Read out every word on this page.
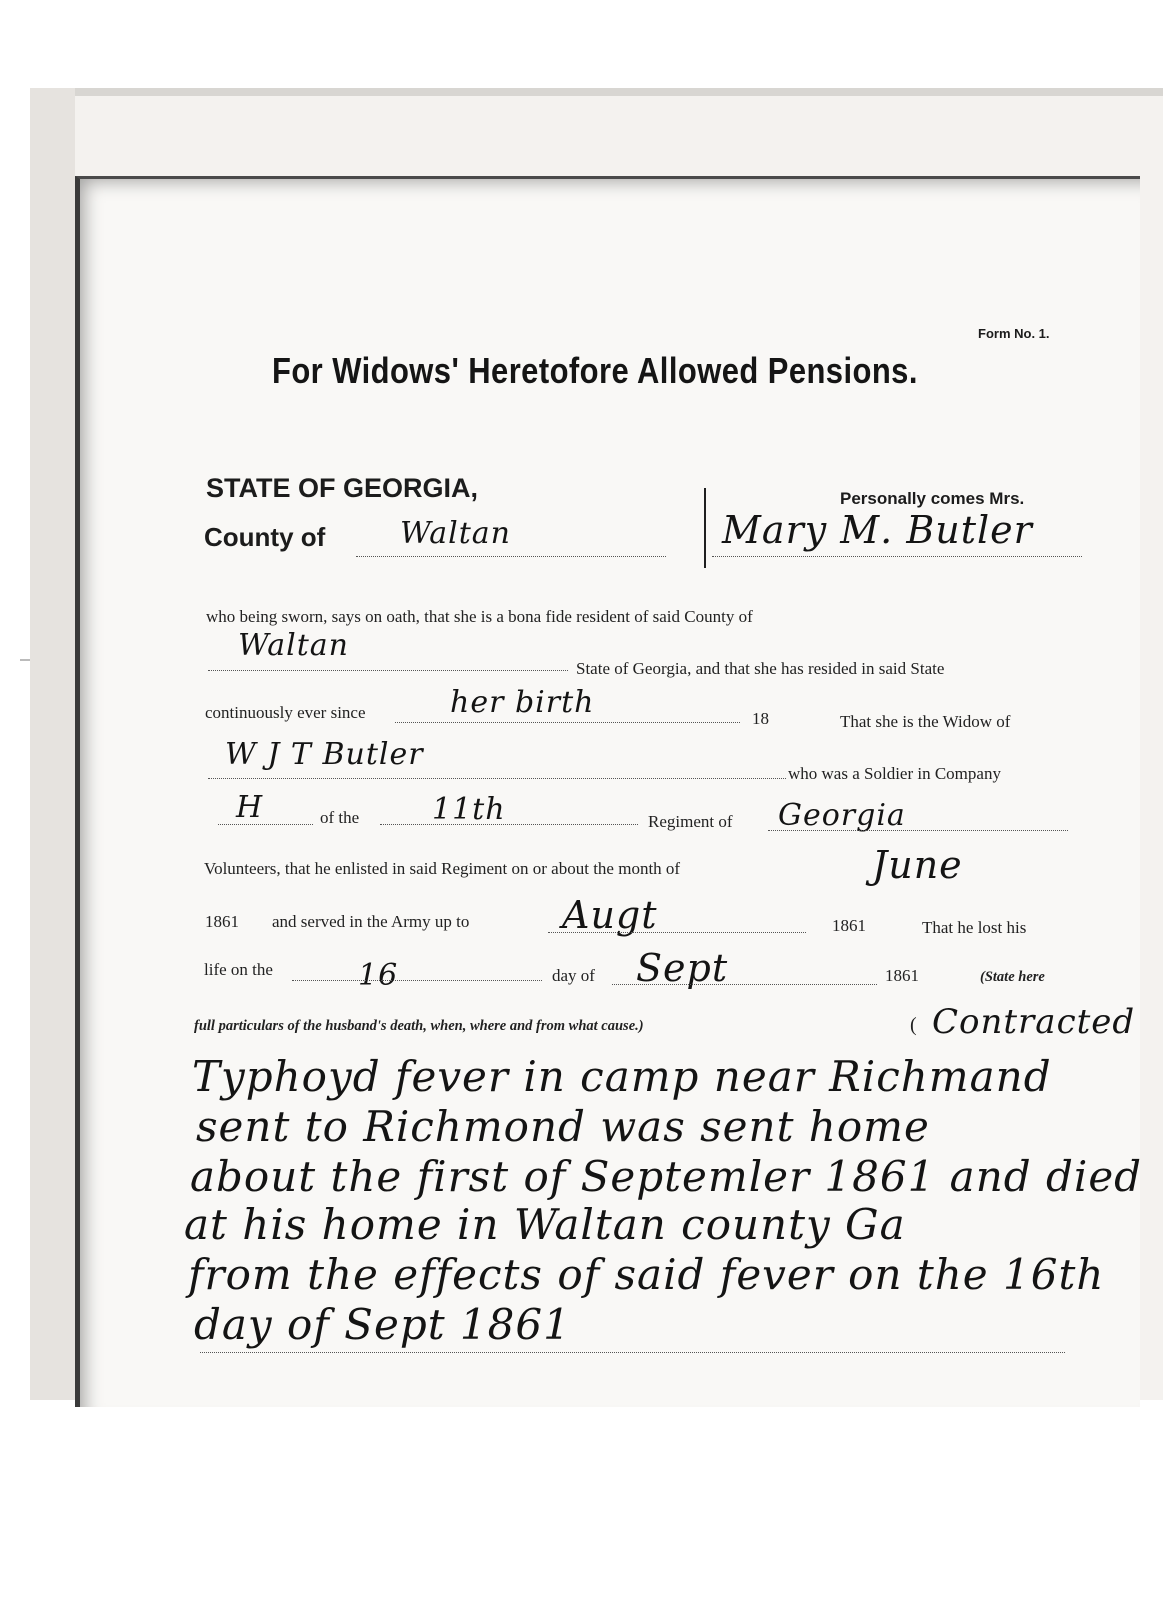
Form No. 1.
For Widows' Heretofore Allowed Pensions.
STATE OF GEORGIA,
County of Waltan
Personally comes Mrs.
Mary M. Butler
who being sworn, says on oath, that she is a bona fide resident of said County of
Waltan
State of Georgia, and that she has resided in said State
continuously ever since	her birth	18	That she is the Widow of
W J T Butler
who was a Soldier in Company
H	of the 11th	Regiment of Georgia
Volunteers, that he enlisted in said Regiment on or about the month of	June
1861 and served in the Army up to Augt	1861	That he lost his
life on the	16	day of Sept	1861	(State here
full particulars of the husband's death, when, where and from what cause.)	( Contracted
Typhoyd fever in camp near Richmand
sent to Richmond was sent home
about the first of Septemler 1861 and died
at his home in Waltan county Ga
from the effects of said fever on the 16th
day of Sept 1861
